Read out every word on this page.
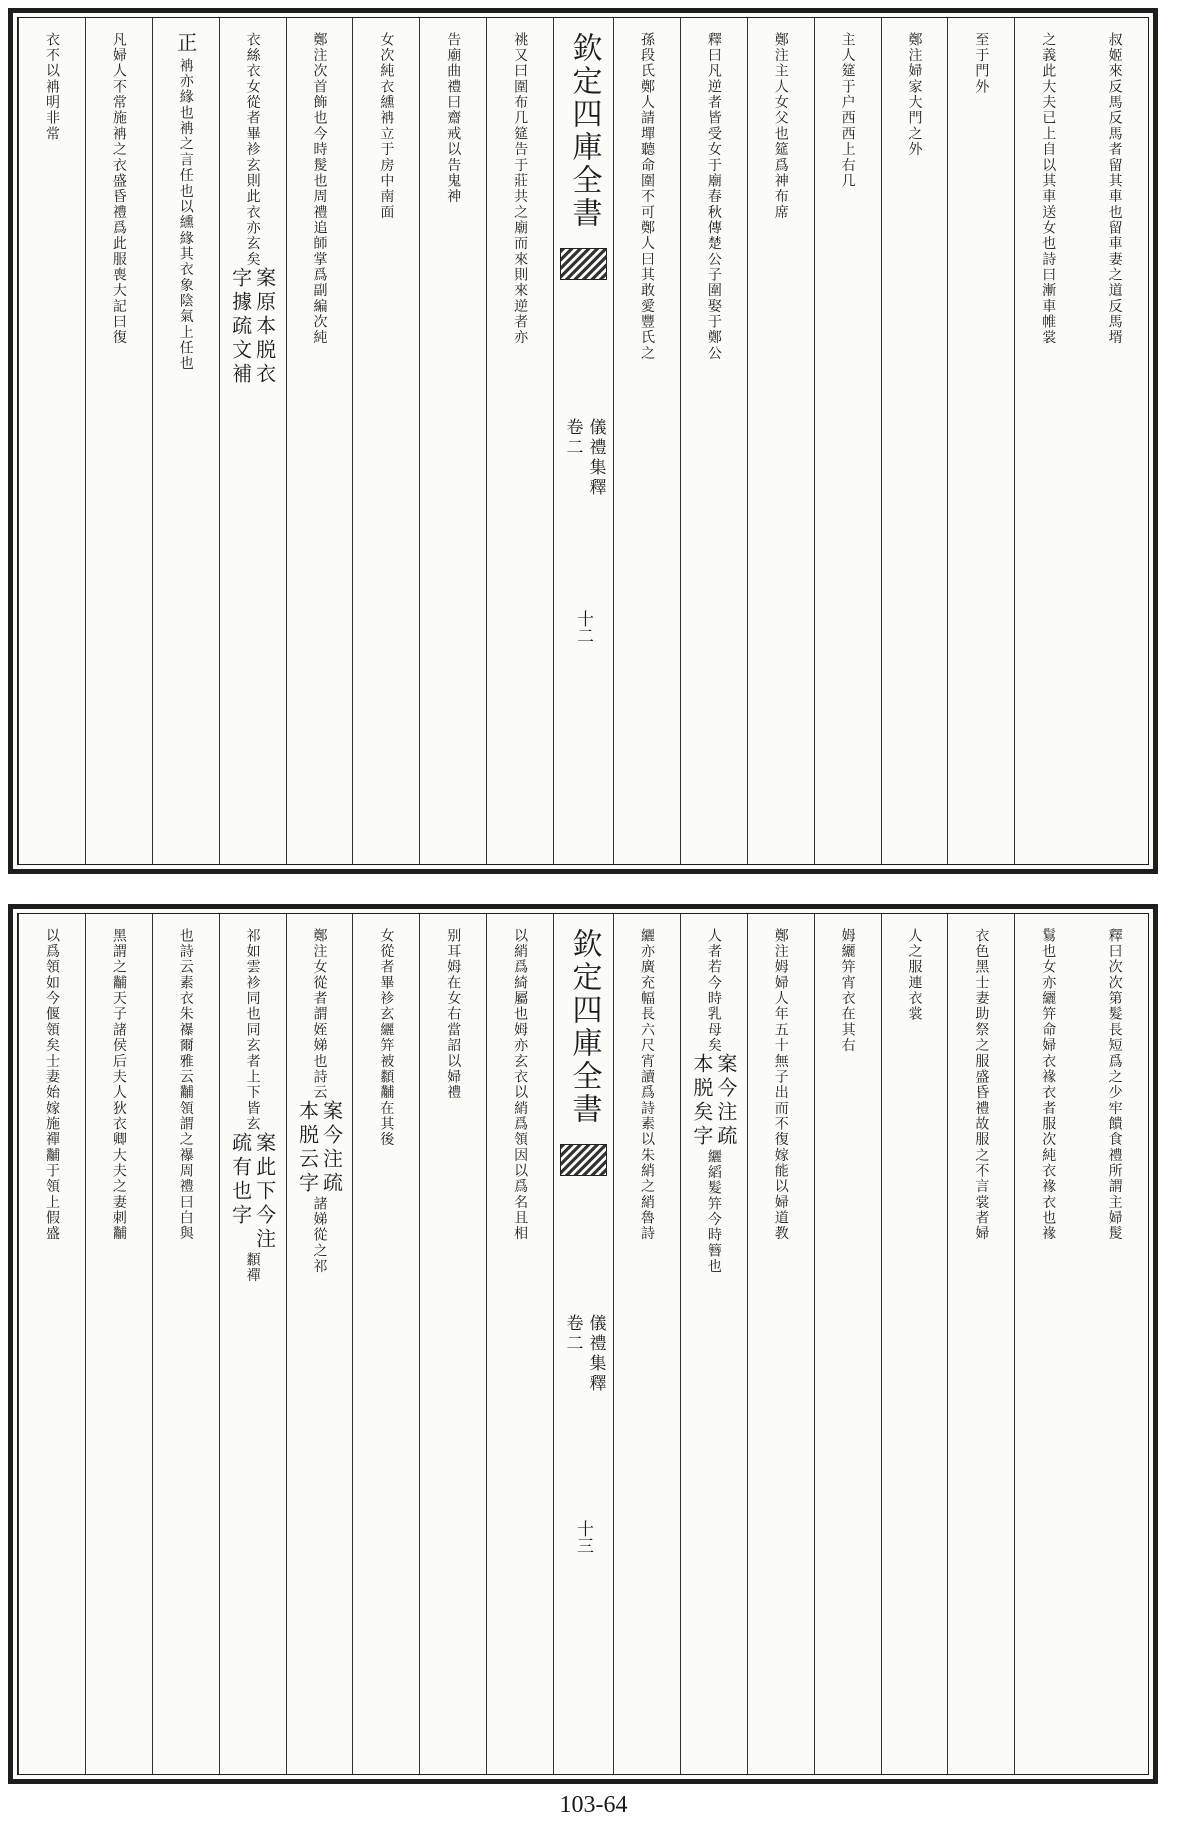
叔姬來反馬反馬者留其車也留車妻之道反馬壻
之義此大夫已上自以其車送女也詩曰漸車帷裳
至于門外
鄭注婦家大門之外
主人筵于户西西上右几
鄭注主人女父也筵爲神布席
釋曰凡逆者皆受女于廟春秋傳楚公子圍娶于鄭公
孫段氏鄭人請墠聽命圍不可鄭人曰其敢愛豐氏之
欽定四庫全書
儀禮集釋
卷二
十二
祧又曰圍布几筵告于莊共之廟而來則來逆者亦
告廟曲禮曰齋戒以告鬼神
女次純衣纁袡立于房中南面
鄭注次首飾也今時髲也周禮追師掌爲副編次純
衣絲衣女從者畢袗玄則此衣亦玄矣
案原本脱衣
字據疏文補
正
袡亦緣也袡之言任也以纁緣其衣象陰氣上任也
凡婦人不常施袡之衣盛昏禮爲此服喪大記曰復
衣不以袡明非常
釋曰次次第髮長短爲之少牢饋食禮所謂主婦髲
鬄也女亦纚笄命婦衣褖衣者服次純衣褖衣也褖
衣色黑士妻助祭之服盛昏禮故服之不言裳者婦
人之服連衣裳
姆纚笄宵衣在其右
鄭注姆婦人年五十無子出而不復嫁能以婦道教
人者若今時乳母矣
案今注疏
本脱矣字
纚縚髮笄今時簪也
纚亦廣充幅長六尺宵讀爲詩素以朱綃之綃魯詩
欽定四庫全書
儀禮集釋
卷二
十三
以綃爲綺屬也姆亦玄衣以綃爲領因以爲名且相
别耳姆在女右當詔以婦禮
女從者畢袗玄纚笄被纇黼在其後
鄭注女從者謂姪娣也詩云
案今注疏
本脱云字
諸娣從之祁
祁如雲袗同也同玄者上下皆玄
案此下今注
疏有也字
纇禪
也詩云素衣朱襮爾雅云黼領謂之襮周禮曰白與
黑謂之黼天子諸侯后夫人狄衣卿大夫之妻刺黼
以爲領如今偃領矣士妻始嫁施禪黼于領上假盛
103-64
